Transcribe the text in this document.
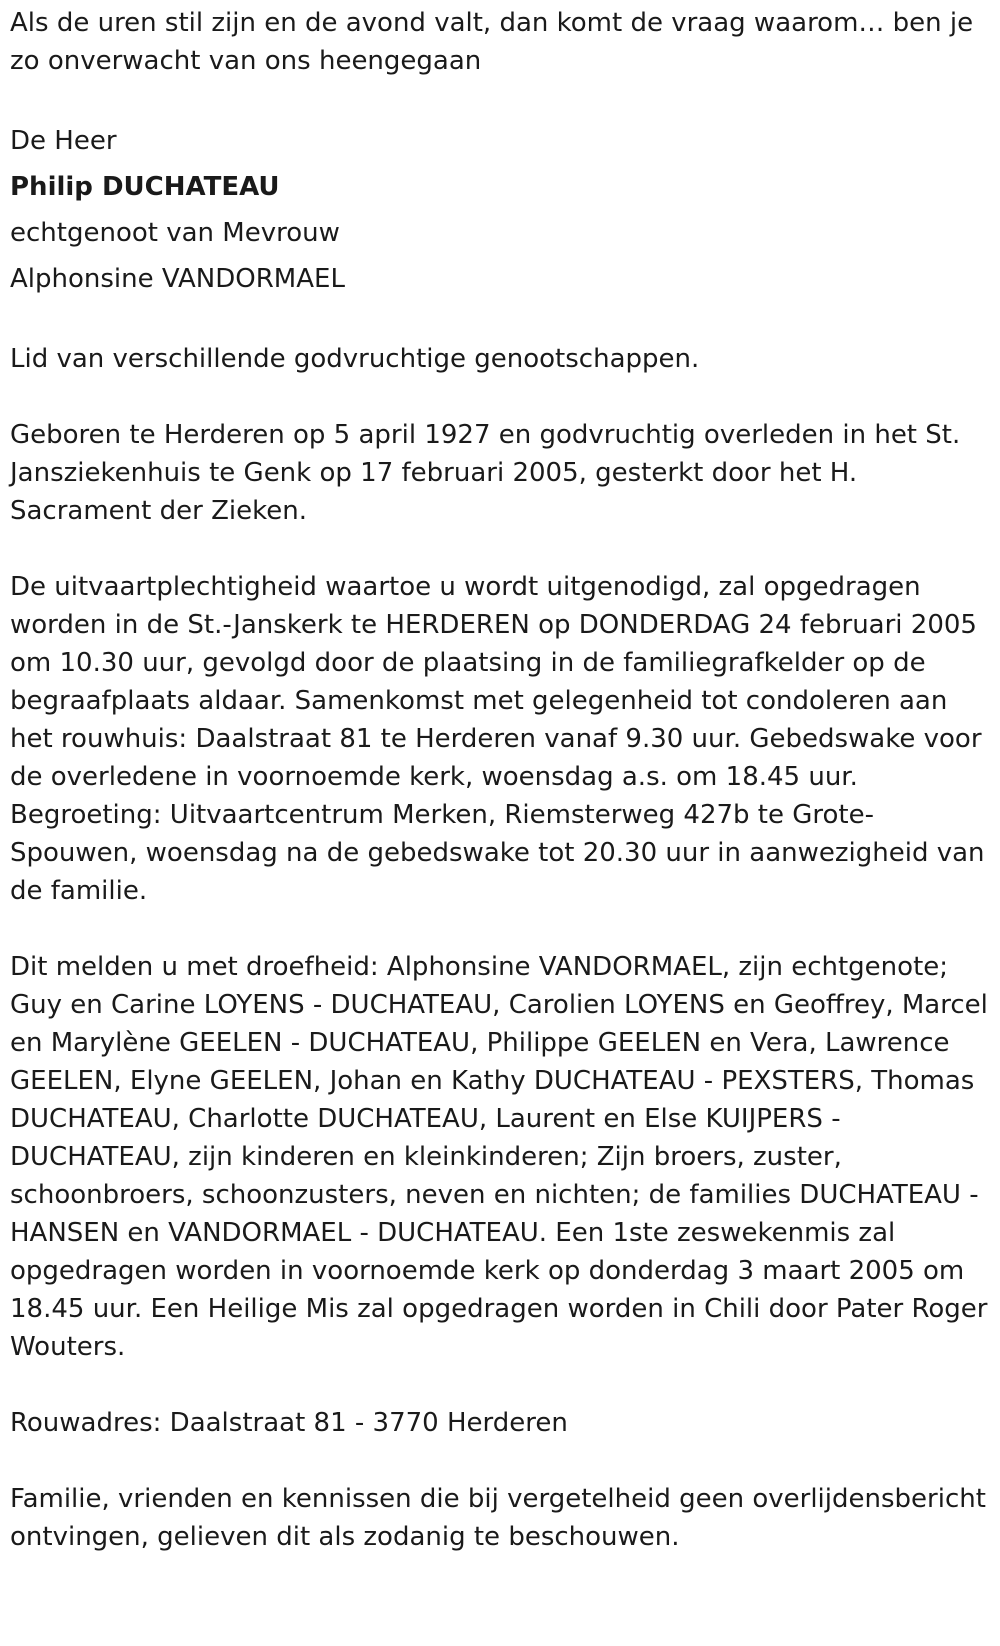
Als de uren stil zijn en de avond valt, dan komt de vraag waarom… ben je zo onverwacht van ons heengegaan

De Heer

Philip DUCHATEAU

echtgenoot van Mevrouw

Alphonsine VANDORMAEL

Lid van verschillende godvruchtige genootschappen.

Geboren te Herderen op 5 april 1927 en godvruchtig overleden in het St. Jansziekenhuis te Genk op 17 februari 2005, gesterkt door het H. Sacrament der Zieken.

De uitvaartplechtigheid waartoe u wordt uitgenodigd, zal opgedragen worden in de St.-Janskerk te HERDEREN op DONDERDAG 24 februari 2005 om 10.30 uur, gevolgd door de plaatsing in de familiegrafkelder op de begraafplaats aldaar. Samenkomst met gelegenheid tot condoleren aan het rouwhuis: Daalstraat 81 te Herderen vanaf 9.30 uur. Gebedswake voor de overledene in voornoemde kerk, woensdag a.s. om 18.45 uur. Begroeting: Uitvaartcentrum Merken, Riemsterweg 427b te Grote-Spouwen, woensdag na de gebedswake tot 20.30 uur in aanwezigheid van de familie.

Dit melden u met droefheid: Alphonsine VANDORMAEL, zijn echtgenote; Guy en Carine LOYENS - DUCHATEAU, Carolien LOYENS en Geoffrey, Marcel en Marylène GEELEN - DUCHATEAU, Philippe GEELEN en Vera, Lawrence GEELEN, Elyne GEELEN, Johan en Kathy DUCHATEAU - PEXSTERS, Thomas DUCHATEAU, Charlotte DUCHATEAU, Laurent en Else KUIJPERS - DUCHATEAU, zijn kinderen en kleinkinderen; Zijn broers, zuster, schoonbroers, schoonzusters, neven en nichten; de families DUCHATEAU - HANSEN en VANDORMAEL - DUCHATEAU. Een 1ste zeswekenmis zal opgedragen worden in voornoemde kerk op donderdag 3 maart 2005 om 18.45 uur. Een Heilige Mis zal opgedragen worden in Chili door Pater Roger Wouters.

Rouwadres: Daalstraat 81 - 3770 Herderen

Familie, vrienden en kennissen die bij vergetelheid geen overlijdensbericht ontvingen, gelieven dit als zodanig te beschouwen.
